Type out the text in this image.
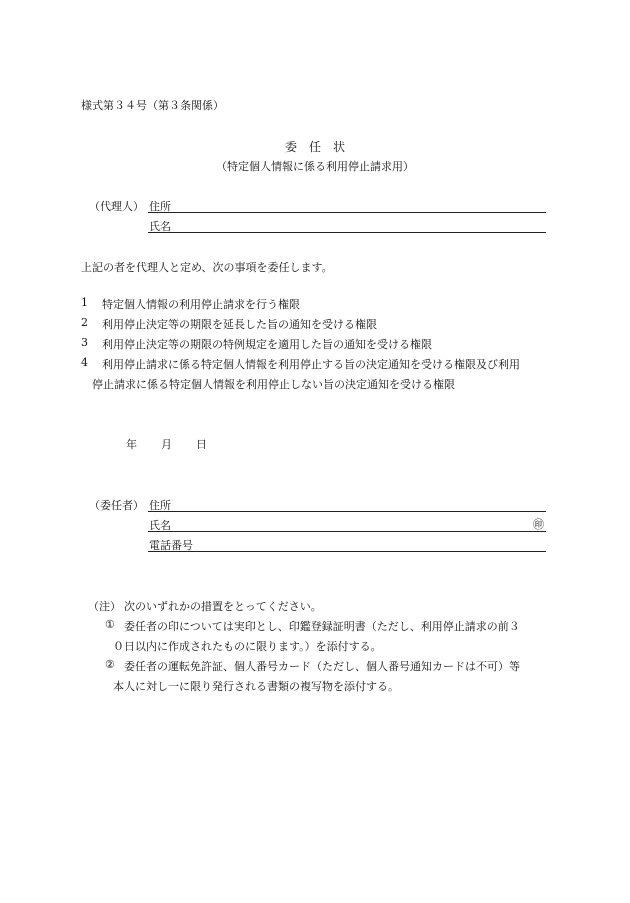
様式第３４号（第３条関係）
委　任　状
（特定個人情報に係る利用停止請求用）
（代理人） 住所
氏名
上記の者を代理人と定め、次の事項を委任します。
1 特定個人情報の利用停止請求を行う権限
2 利用停止決定等の期限を延長した旨の通知を受ける権限
3 利用停止決定等の期限の特例規定を適用した旨の通知を受ける権限
4 利用停止請求に係る特定個人情報を利用停止する旨の決定通知を受ける権限及び利用
停止請求に係る特定個人情報を利用停止しない旨の決定通知を受ける権限
年 月 日
（委任者） 住所
氏名	㊞
電話番号
（注） 次のいずれかの措置をとってください。
① 委任者の印については実印とし、印鑑登録証明書（ただし、利用停止請求の前３
０日以内に作成されたものに限ります。）を添付する。
② 委任者の運転免許証、個人番号カード（ただし、個人番号通知カードは不可）等
本人に対し一に限り発行される書類の複写物を添付する。
